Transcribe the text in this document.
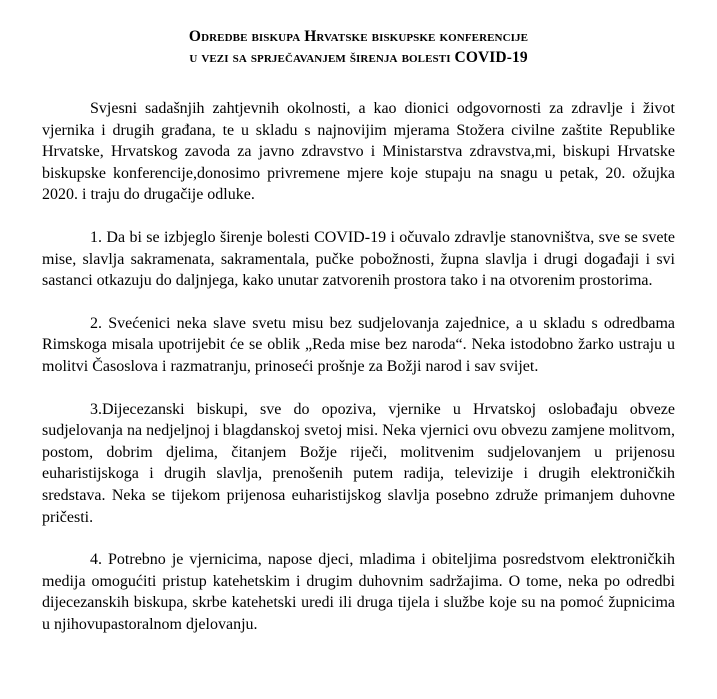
Odredbe biskupa Hrvatske biskupske konferencije
u vezi sa sprječavanjem širenja bolesti COVID-19

Svjesni sadašnjih zahtjevnih okolnosti, a kao dionici odgovornosti za zdravlje i život vjernika i drugih građana, te u skladu s najnovijim mjerama Stožera civilne zaštite Republike Hrvatske, Hrvatskog zavoda za javno zdravstvo i Ministarstva zdravstva,mi, biskupi Hrvatske biskupske konferencije,donosimo privremene mjere koje stupaju na snagu u petak, 20. ožujka 2020. i traju do drugačije odluke.

1. Da bi se izbjeglo širenje bolesti COVID-19 i očuvalo zdravlje stanovništva, sve se svete mise, slavlja sakramenata, sakramentala, pučke pobožnosti, župna slavlja i drugi događaji i svi sastanci otkazuju do daljnjega, kako unutar zatvorenih prostora tako i na otvorenim prostorima.

2. Svećenici neka slave svetu misu bez sudjelovanja zajednice, a u skladu s odredbama Rimskoga misala upotrijebit će se oblik „Reda mise bez naroda“. Neka istodobno žarko ustraju u molitvi Časoslova i razmatranju, prinoseći prošnje za Božji narod i sav svijet.

3.Dijecezanski biskupi, sve do opoziva, vjernike u Hrvatskoj oslobađaju obveze sudjelovanja na nedjeljnoj i blagdanskoj svetoj misi. Neka vjernici ovu obvezu zamjene molitvom, postom, dobrim djelima, čitanjem Božje riječi, molitvenim sudjelovanjem u prijenosu euharistijskoga i drugih slavlja, prenošenih putem radija, televizije i drugih elektroničkih sredstava. Neka se tijekom prijenosa euharistijskog slavlja posebno združe primanjem duhovne pričesti.

4. Potrebno je vjernicima, napose djeci, mladima i obiteljima posredstvom elektroničkih medija omogućiti pristup katehetskim i drugim duhovnim sadržajima. O tome, neka po odredbi dijecezanskih biskupa, skrbe katehetski uredi ili druga tijela i službe koje su na pomoć župnicima u njihovupastoralnom djelovanju.
